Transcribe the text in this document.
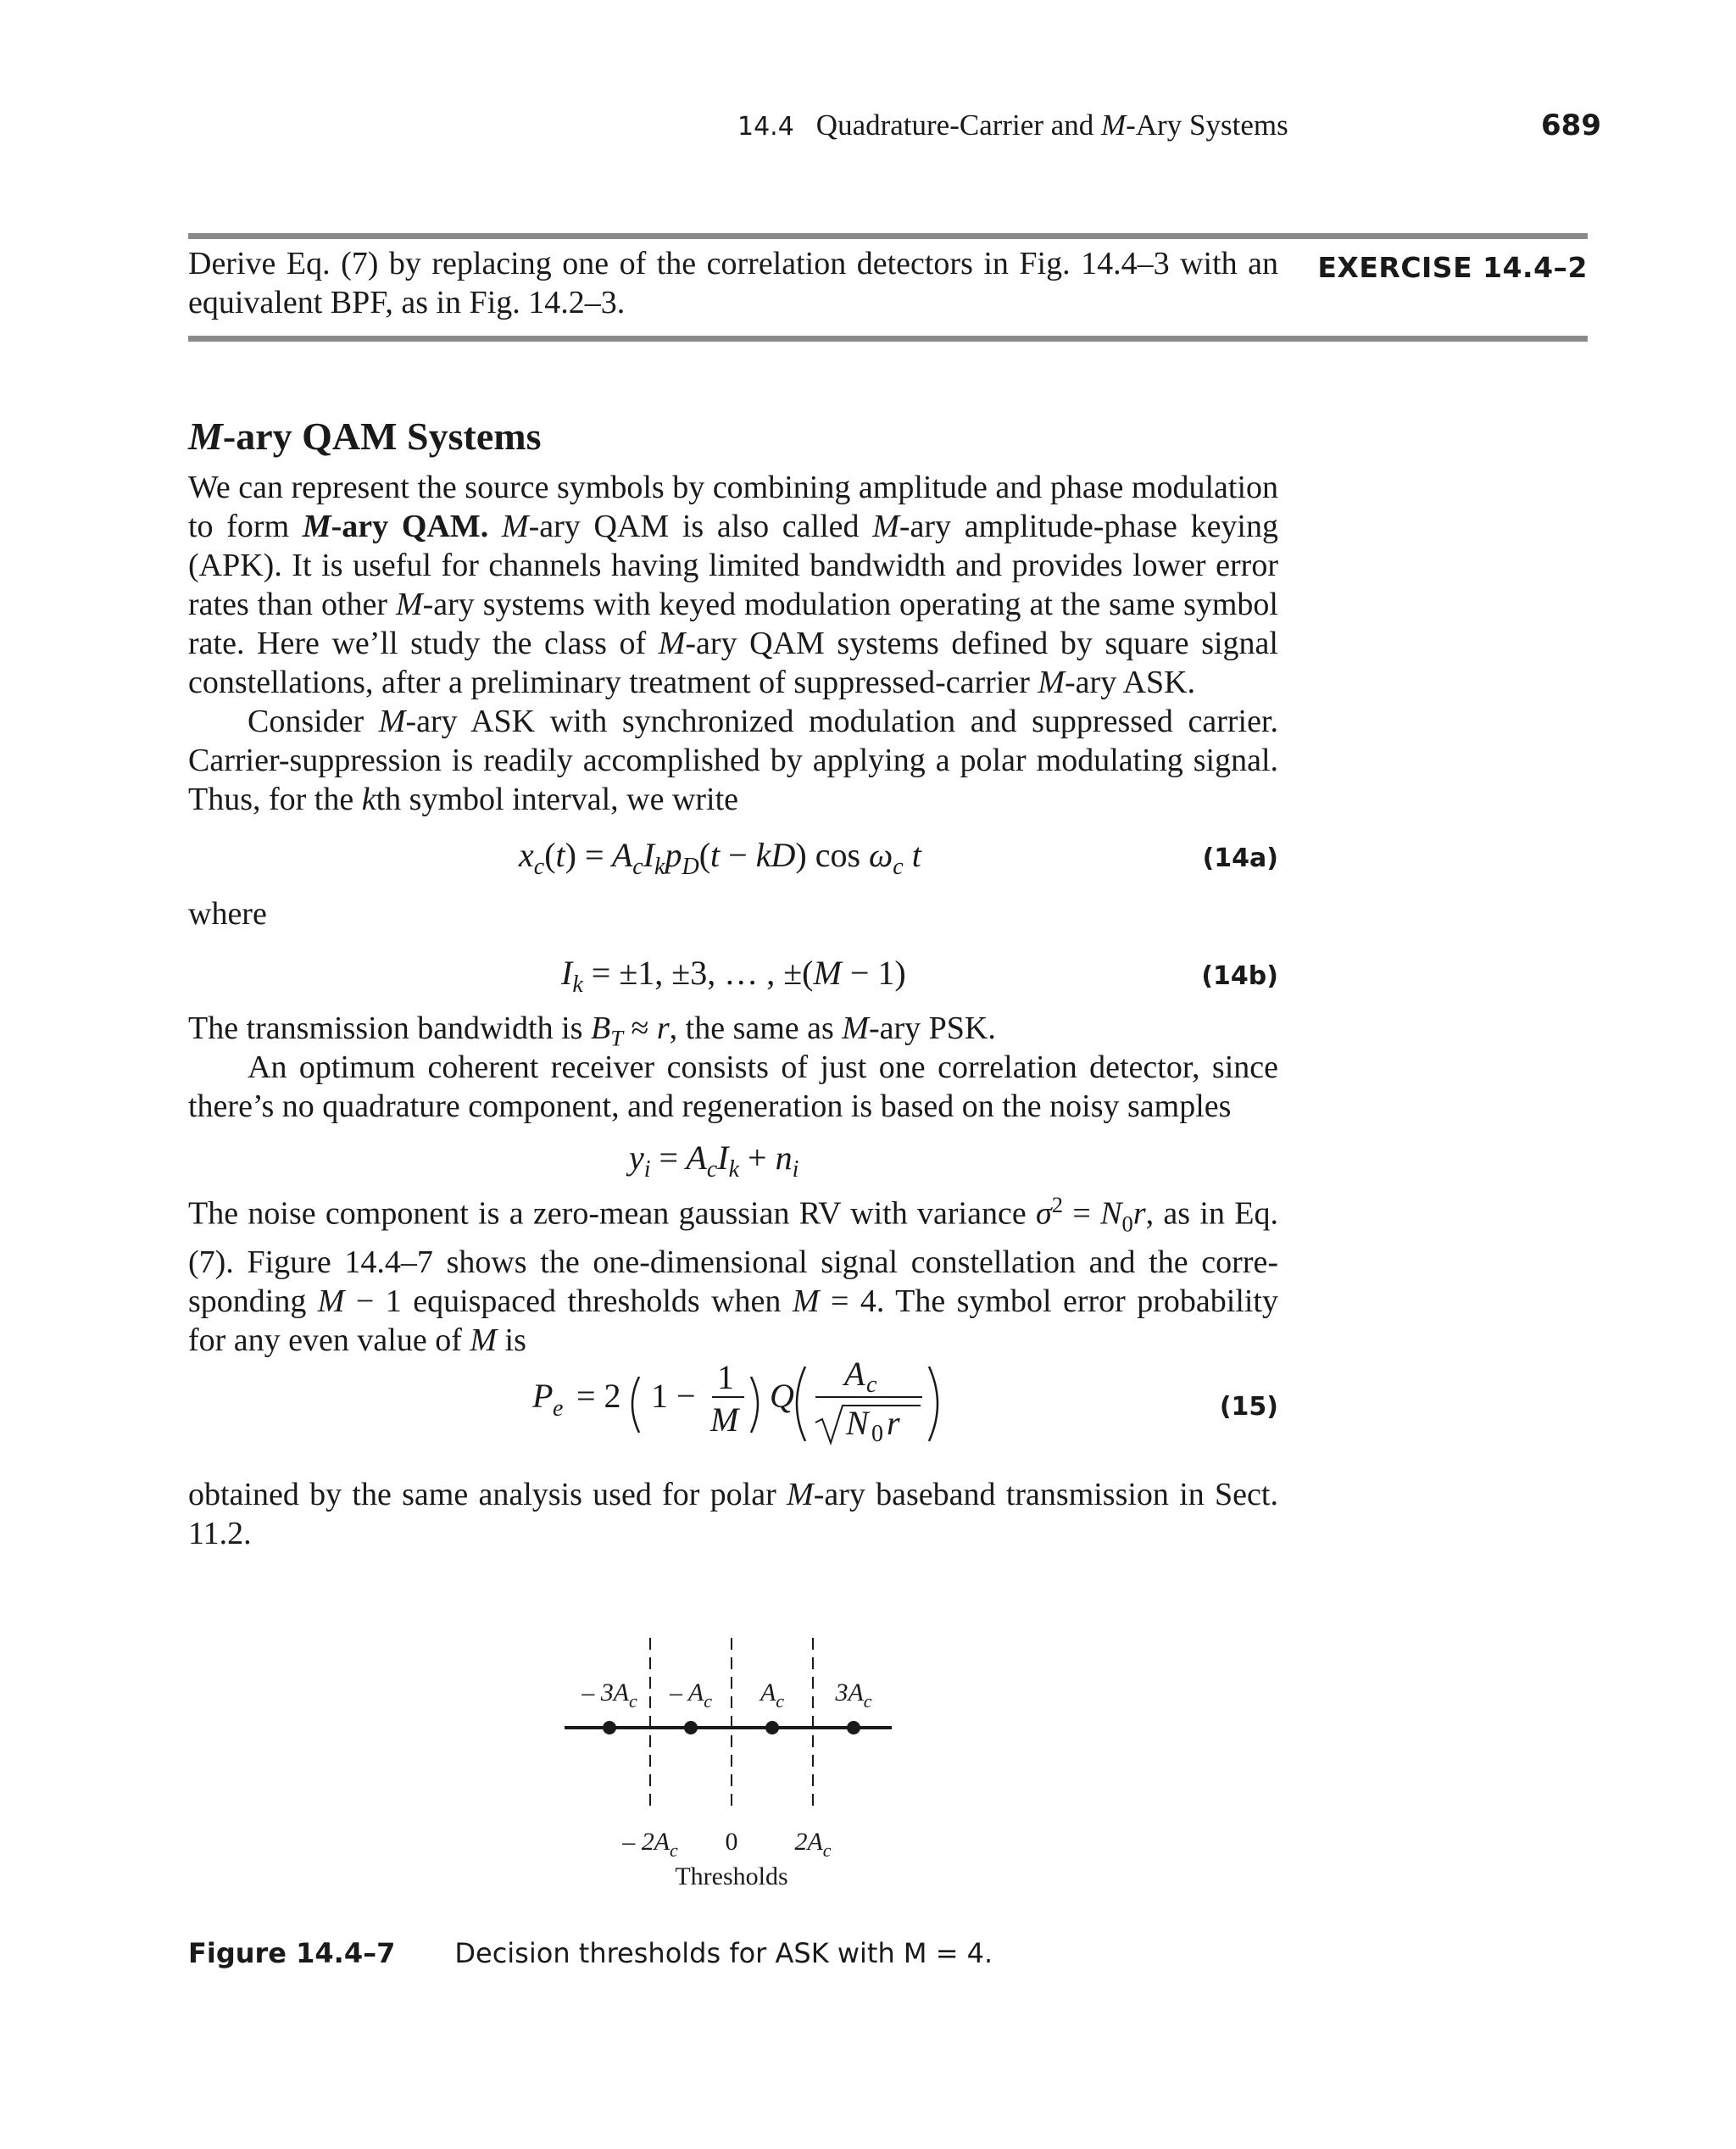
14.4 Quadrature-Carrier and M-Ary Systems	689
Derive Eq. (7) by replacing one of the correlation detectors in Fig. 14.4–3 with an equivalent BPF, as in Fig. 14.2–3.
EXERCISE 14.4–2
M-ary QAM Systems
We can represent the source symbols by combining amplitude and phase modulation to form M-ary QAM. M-ary QAM is also called M-ary amplitude-phase keying (APK). It is useful for channels having limited bandwidth and provides lower error rates than other M-ary systems with keyed modulation operating at the same symbol rate. Here we’ll study the class of M-ary QAM systems defined by square signal constellations, after a preliminary treatment of suppressed-carrier M-ary ASK.
Consider M-ary ASK with synchronized modulation and suppressed carrier. Carrier-suppression is readily accomplished by applying a polar modulating signal. Thus, for the kth symbol interval, we write
$x_c(t) = A_cI_kp_D(t - kD)$ $\cos \omega_c$ t	(14a)
where
$I_k = \pm 1$, ±3, … , ±(M − 1)	(14b)
The transmission bandwidth is $B_T \approx r$, the same as M-ary PSK.
An optimum coherent receiver consists of just one correlation detector, since there’s no quadrature component, and regeneration is based on the noisy samples
$y_i = A_cI_k + n_i$
The noise component is a zero-mean gaussian RV with variance $\sigma^2 = N_0r$, as in Eq. (7). Figure 14.4–7 shows the one-dimensional signal constellation and the corresponding M − 1 equispaced thresholds when M = 4. The symbol error probability for any even value of M is
P e = 2 1 − 1
M
Q
A c
N 0 r	(15)
obtained by the same analysis used for polar M-ary baseband transmission in Sect. 11.2.
– $2A_c$ 0 $2A_c$
– $3A_c - A_c$ $A_c$ $3A_c$
Thresholds
Figure 14.4–7 Decision thresholds for ASK with M = 4.
